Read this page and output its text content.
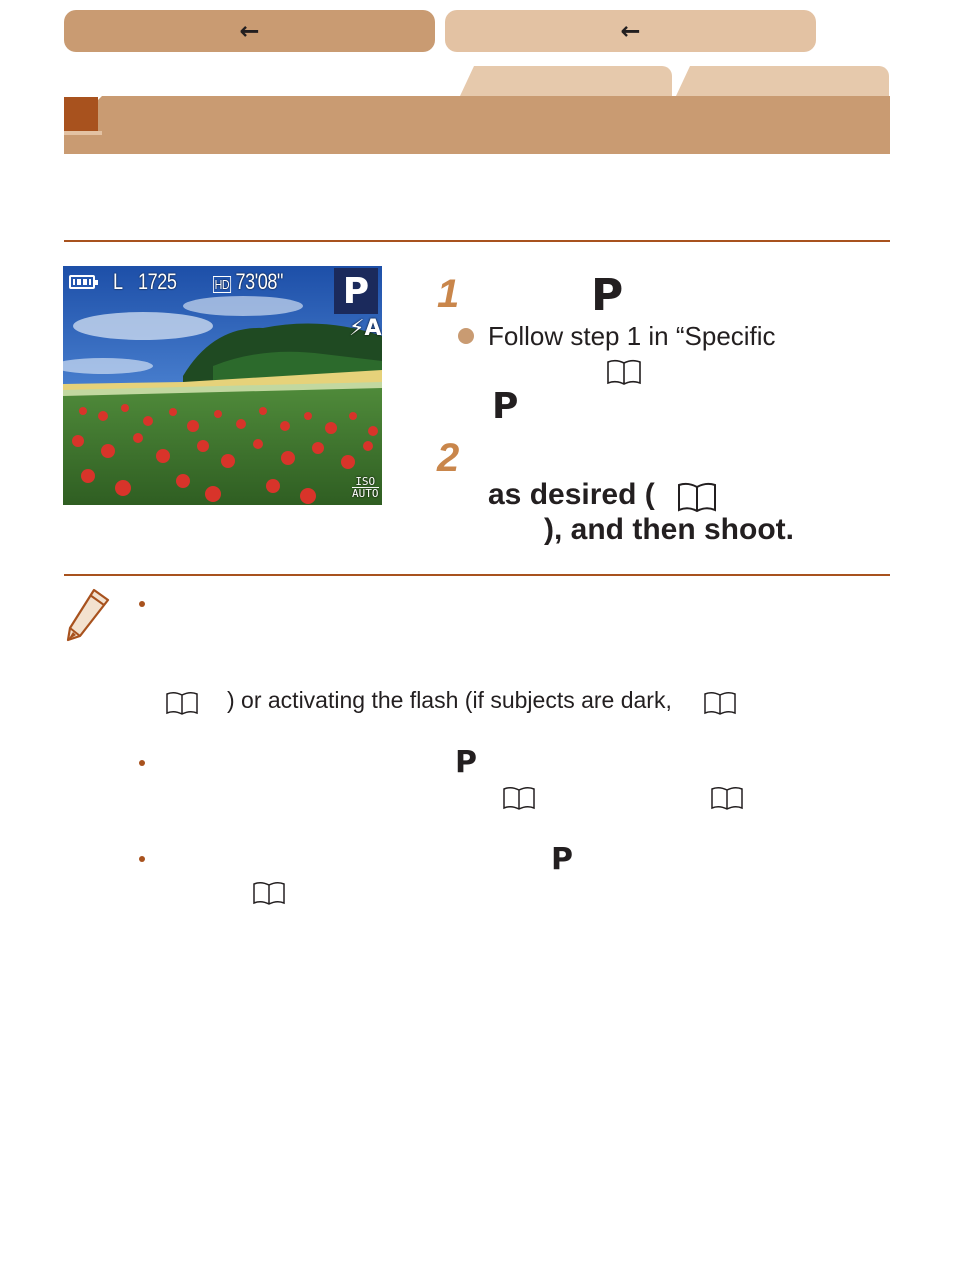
←	←
L 1725	HD 73'08" P
⚡A
ISO
AUTO
1	P
Follow step 1 in “Specific
P
2
as desired (
), and then shoot.
) or activating the flash (if subjects are dark,
P
P
